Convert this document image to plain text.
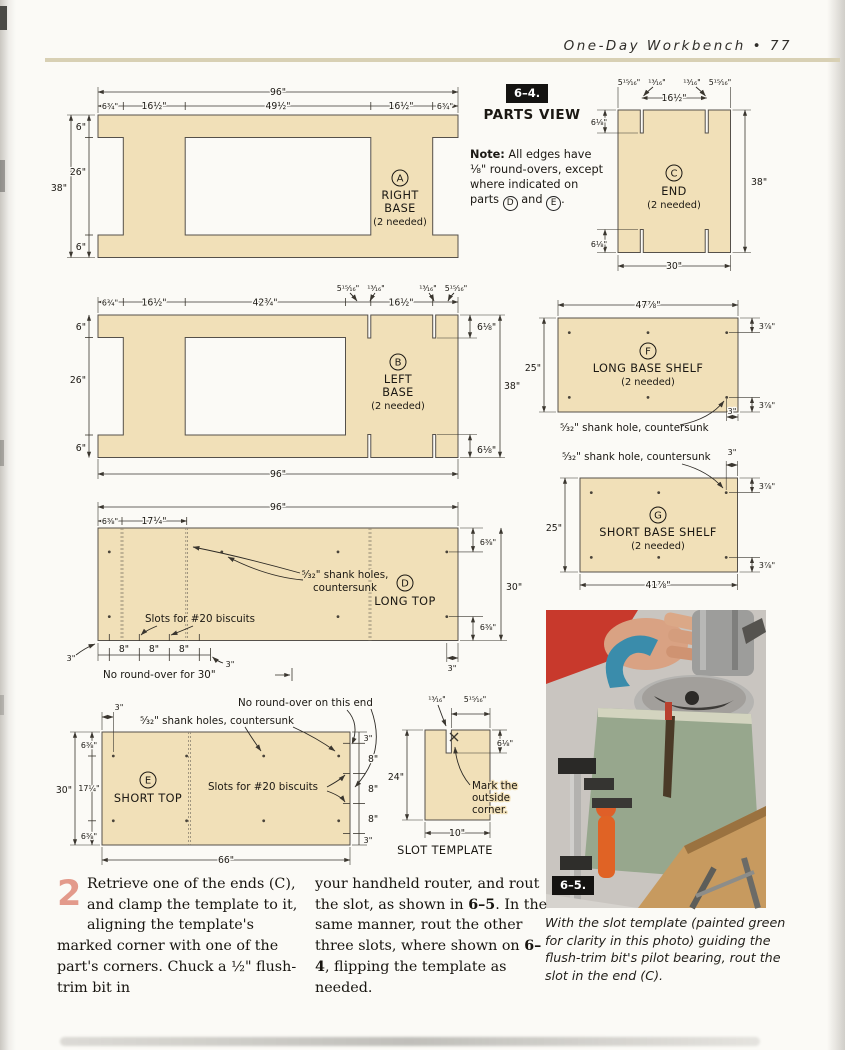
One-Day Workbench • 77
6–4.
PARTS VIEW
Note: All edges have ⅛" round-overs, except where indicated on parts D and E .
96"
6¾"	16½"	49½"	16½"	6¾"
38"
6"
26"
6"
A
RIGHT
BASE
(2 needed)
6¾"	16½"	42¾"	16½"
5¹⁵⁄₁₆" ¹³⁄₁₆"	¹³⁄₁₆" 5¹⁵⁄₁₆"
6"
26"
6"
6⅛"
38"
6⅛"
96"
B
LEFT
BASE
(2 needed)
5¹⁵⁄₁₆" ¹³⁄₁₆" ¹³⁄₁₆" 5¹⁵⁄₁₆"
16½"
6⅛"
6⅛"
38"
30"
C
END
(2 needed)
47⅞"
25"
3⅞"
3⅞"
3"
⁵⁄₃₂" shank hole, countersunk
F
LONG BASE SHELF
(2 needed)
⁵⁄₃₂" shank hole, countersunk 3"
3⅞"
3⅞"
25"
41⅞"
G
SHORT BASE SHELF
(2 needed)
96"
6⅜"	17¼"
6⅜"
30"
6⅜"
3"
8" 8" 8"
3"
No round-over for 30"
3"
⁵⁄₃₂" shank holes,
countersunk
Slots for #20 biscuits
D
LONG TOP
No round-over on this end
⁵⁄₃₂" shank holes, countersunk
3"
30"
6⅜"
17¼"
6⅜"
3"
8"
8"
8"
3"
Slots for #20 biscuits
66"
E
SHORT TOP
¹³⁄₁₆" 5¹⁵⁄₁₆"
6⅛"
24"
10"
Mark the
outside
corner.
SLOT TEMPLATE
6–5.
With the slot template (painted green for clarity in this photo) guiding the flush-trim bit's pilot bearing, rout the slot in the end (C).
2 Retrieve one of the ends (C), and clamp the template to it, aligning the template's marked corner with one of the part's corners. Chuck a ½" flush-trim bit in
your handheld router, and rout the slot, as shown in 6–5. In the same manner, rout the other three slots, where shown on 6–4, flipping the template as needed.
